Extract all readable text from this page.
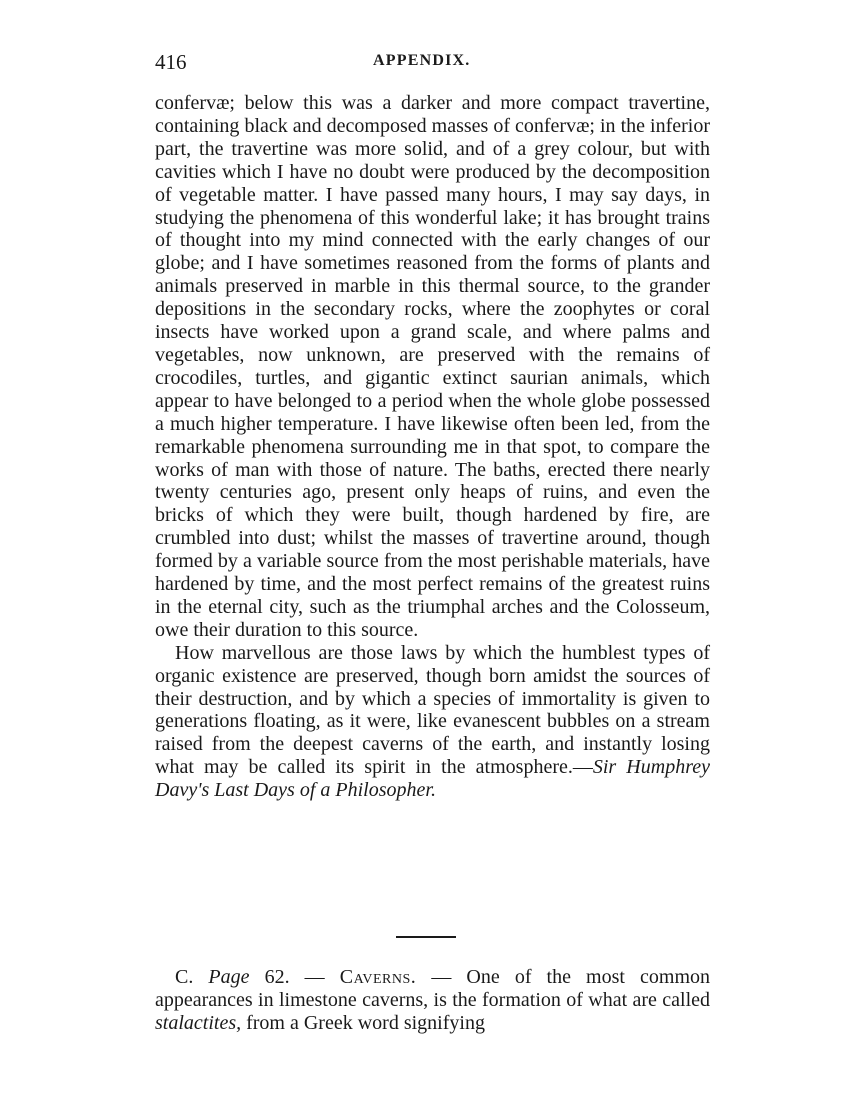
416	APPENDIX.

confervæ; below this was a darker and more compact travertine, containing black and decomposed masses of confervæ; in the inferior part, the travertine was more solid, and of a grey colour, but with cavities which I have no doubt were produced by the decomposition of vegetable matter. I have passed many hours, I may say days, in studying the phenomena of this wonderful lake; it has brought trains of thought into my mind connected with the early changes of our globe; and I have sometimes reasoned from the forms of plants and animals preserved in marble in this thermal source, to the grander depositions in the secondary rocks, where the zoophytes or coral insects have worked upon a grand scale, and where palms and vegetables, now unknown, are preserved with the remains of crocodiles, turtles, and gigantic extinct saurian animals, which appear to have belonged to a period when the whole globe possessed a much higher temperature. I have likewise often been led, from the remarkable phenomena surrounding me in that spot, to compare the works of man with those of nature. The baths, erected there nearly twenty centuries ago, present only heaps of ruins, and even the bricks of which they were built, though hardened by fire, are crumbled into dust; whilst the masses of travertine around, though formed by a variable source from the most perishable materials, have hardened by time, and the most perfect remains of the greatest ruins in the eternal city, such as the triumphal arches and the Colosseum, owe their duration to this source.

How marvellous are those laws by which the humblest types of organic existence are preserved, though born amidst the sources of their destruction, and by which a species of immortality is given to generations floating, as it were, like evanescent bubbles on a stream raised from the deepest caverns of the earth, and instantly losing what may be called its spirit in the atmosphere.—Sir Humphrey Davy's Last Days of a Philosopher.

C. Page 62. — Caverns. — One of the most common appearances in limestone caverns, is the formation of what are called stalactites, from a Greek word signifying
